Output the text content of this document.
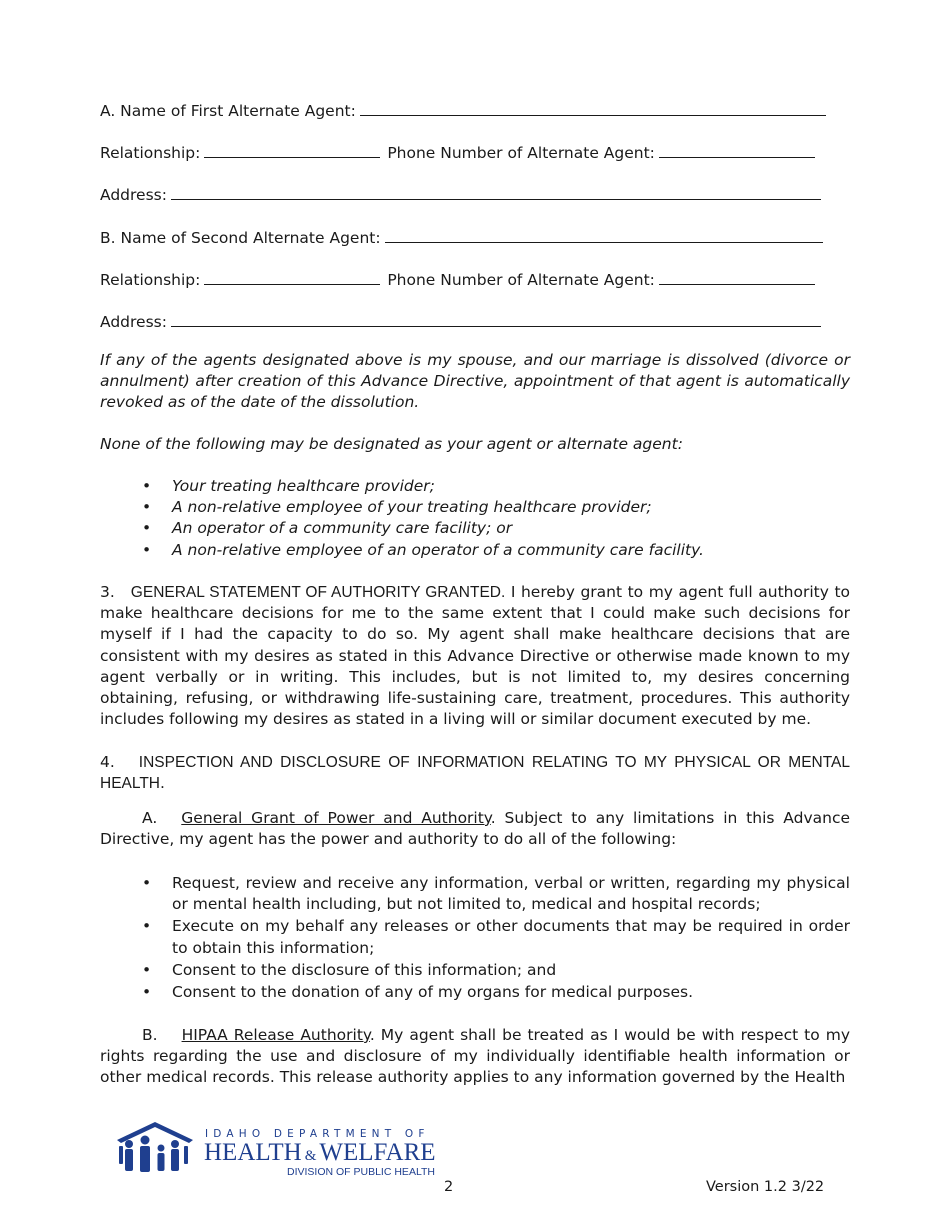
A. Name of First Alternate Agent:
Relationship:	Phone Number of Alternate Agent:
Address:
B. Name of Second Alternate Agent:
Relationship:	Phone Number of Alternate Agent:
Address:
If any of the agents designated above is my spouse, and our marriage is dissolved (divorce or annulment) after creation of this Advance Directive, appointment of that agent is automatically revoked as of the date of the dissolution.
None of the following may be designated as your agent or alternate agent:
• Your treating healthcare provider;
• A non-relative employee of your treating healthcare provider;
• An operator of a community care facility; or
• A non-relative employee of an operator of a community care facility.
3. GENERAL STATEMENT OF AUTHORITY GRANTED. I hereby grant to my agent full authority to make healthcare decisions for me to the same extent that I could make such decisions for myself if I had the capacity to do so. My agent shall make healthcare decisions that are consistent with my desires as stated in this Advance Directive or otherwise made known to my agent verbally or in writing. This includes, but is not limited to, my desires concerning obtaining, refusing, or withdrawing life-sustaining care, treatment, procedures. This authority includes following my desires as stated in a living will or similar document executed by me.
4. INSPECTION AND DISCLOSURE OF INFORMATION RELATING TO MY PHYSICAL OR MENTAL HEALTH.
A. General Grant of Power and Authority. Subject to any limitations in this Advance Directive, my agent has the power and authority to do all of the following:
• Request, review and receive any information, verbal or written, regarding my physical or mental health including, but not limited to, medical and hospital records;
• Execute on my behalf any releases or other documents that may be required in order to obtain this information;
• Consent to the disclosure of this information; and
• Consent to the donation of any of my organs for medical purposes.
B. HIPAA Release Authority. My agent shall be treated as I would be with respect to my rights regarding the use and disclosure of my individually identifiable health information or other medical records. This release authority applies to any information governed by the Health
IDAHO DEPARTMENT OF
HEALTH & WELFARE
DIVISION OF PUBLIC HEALTH
2	Version 1.2 3/22
